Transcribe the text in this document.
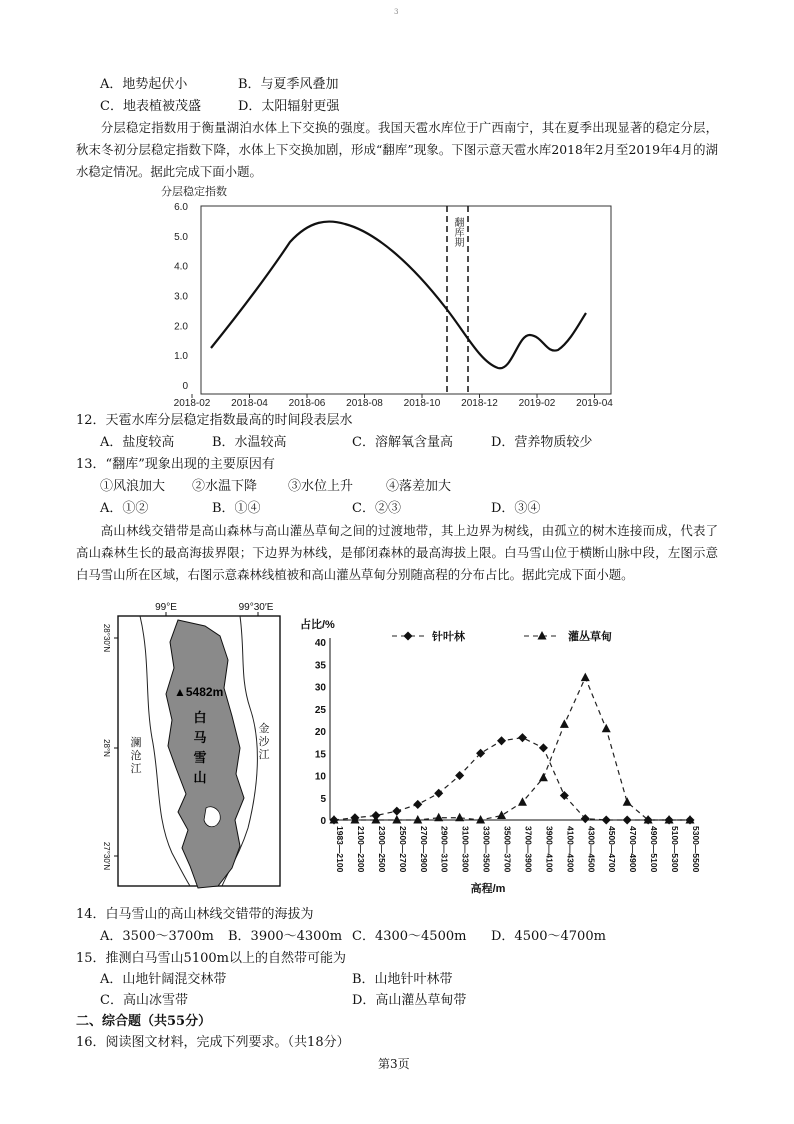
3
A．地势起伏小	B．与夏季风叠加
C．地表植被茂盛	D．太阳辐射更强
分层稳定指数用于衡量湖泊水体上下交换的强度。我国天雹水库位于广西南宁，其在夏季出现显著的稳定分层，秋末冬初分层稳定指数下降，水体上下交换加剧，形成“翻库”现象。下图示意天雹水库2018年2月至2019年4月的湖水稳定情况。据此完成下面小题。
分层稳定指数
6.0
5.0
4.0
3.0
2.0
1.0
0
2018-02 2018-04 2018-06 2018-08 2018-10 2018-12 2019-02 2019-04
翻库期
12．天雹水库分层稳定指数最高的时间段表层水
A．盐度较高	B．水温较高	C．溶解氧含量高	D．营养物质较少
13．“翻库”现象出现的主要原因有
①风浪加大 ②水温下降 ③水位上升	④落差加大
A．①②	B．①④	C．②③	D．③④
高山林线交错带是高山森林与高山灌丛草甸之间的过渡地带，其上边界为树线，由孤立的树木连接而成，代表了高山森林生长的最高海拔界限；下边界为林线，是郁闭森林的最高海拔上限。白马雪山位于横断山脉中段，左图示意白马雪山所在区域，右图示意森林线植被和高山灌丛草甸分别随高程的分布占比。据此完成下面小题。
99°E	99°30′E
28°30′N
28°N
27°30′N
▲5482m
白
马
雪
山
澜
沧
江
金
沙
江
占比/%
0
5
10
15
20
25
30
35
40
1983—2100 2100—2300 2300—2500 2500—2700 2700—2900 2900—3100 3100—3300 3300—3500 3500—3700 3700—3900 3900—4100 4100—4300 4300—4500 4500—4700 4700—4900 4900—5100 5100—5300 5300—5500
高程/m
针叶林	灌丛草甸
14．白马雪山的高山林线交错带的海拔为
A．3500～3700m B．3900～4300m C．4300～4500m D．4500～4700m
15．推测白马雪山5100m以上的自然带可能为
A．山地针阔混交林带	B．山地针叶林带
C．高山冰雪带	D．高山灌丛草甸带
二、综合题（共55分）
16．阅读图文材料，完成下列要求。（共18分）
第3页
